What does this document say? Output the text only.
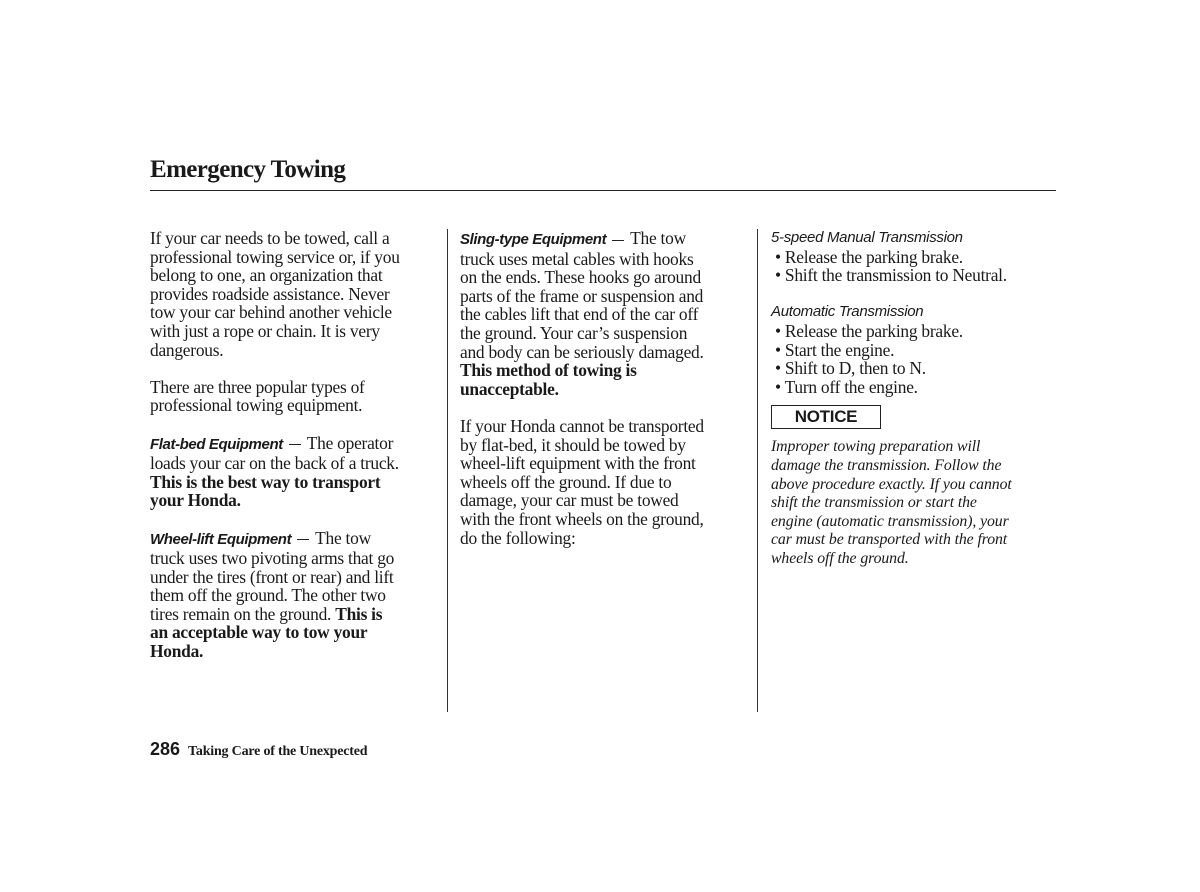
Emergency Towing

If your car needs to be towed, call a

professional towing service or, if you

belong to one, an organization that

provides roadside assistance. Never

tow your car behind another vehicle

with just a rope or chain. It is very

dangerous.

There are three popular types of

professional towing equipment.

Flat-bed Equipment The operator

loads your car on the back of a truck.

This is the best way to transport

your Honda.

Wheel-lift Equipment The tow

truck uses two pivoting arms that go

under the tires (front or rear) and lift

them off the ground. The other two

tires remain on the ground. This is

an acceptable way to tow your

Honda.

Sling-type Equipment The tow

truck uses metal cables with hooks

on the ends. These hooks go around

parts of the frame or suspension and

the cables lift that end of the car off

the ground. Your car’s suspension

and body can be seriously damaged.

This method of towing is

unacceptable.

If your Honda cannot be transported

by flat-bed, it should be towed by

wheel-lift equipment with the front

wheels off the ground. If due to

damage, your car must be towed

with the front wheels on the ground,

do the following:

5-speed Manual Transmission

• Release the parking brake.

• Shift the transmission to Neutral.

Automatic Transmission

• Release the parking brake.

• Start the engine.

• Shift to D, then to N.

• Turn off the engine.

NOTICE

Improper towing preparation will

damage the transmission. Follow the

above procedure exactly. If you cannot

shift the transmission or start the

engine (automatic transmission), your

car must be transported with the front

wheels off the ground.

286 Taking Care of the Unexpected
